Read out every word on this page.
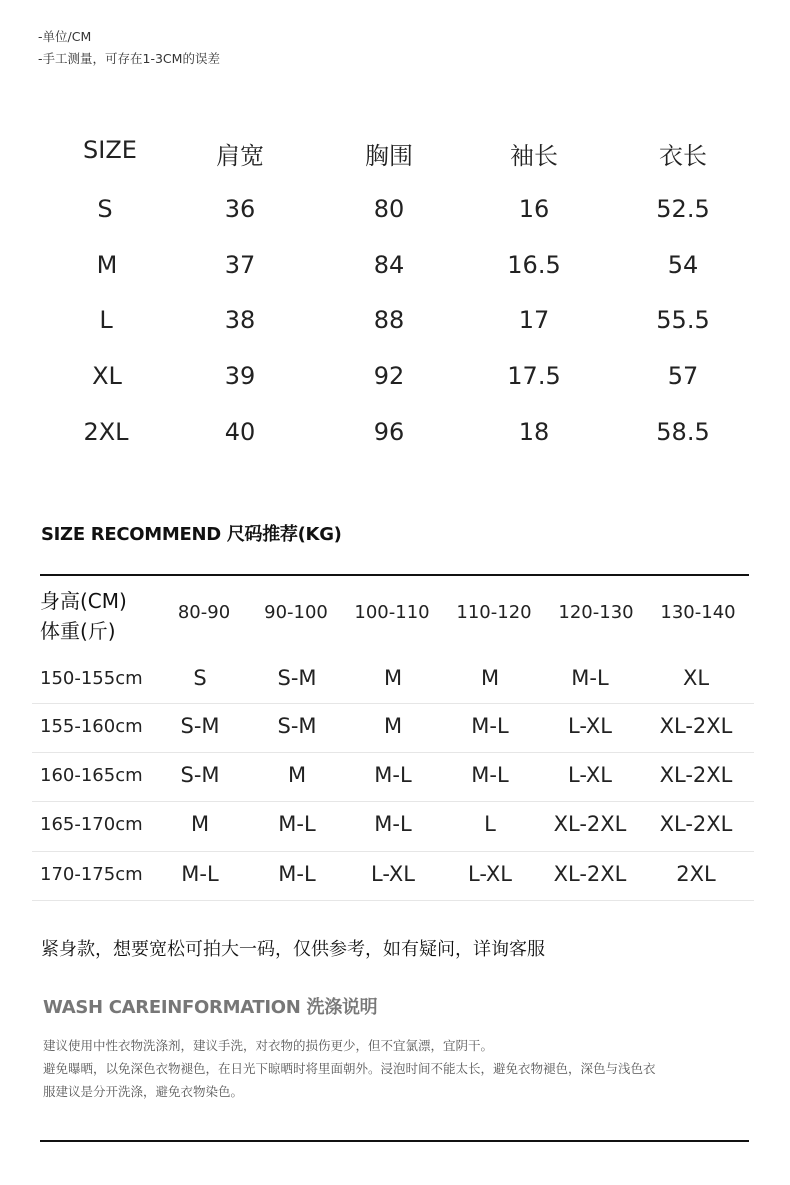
-单位/CM
-手工测量，可存在1-3CM的误差
SIZE	肩宽	胸围	袖长	衣长
S	36	80	16	52.5
M	37	84	16.5	54
L	38	88	17	55.5
XL	39	92	17.5	57
2XL	40	96	18	58.5
SIZE RECOMMEND 尺码推荐(KG)
身高(CM)
体重(斤)
80-90 90-100 100-110 110-120 120-130 130-140
150-155cm S	S-M	M	M	M-L	XL
155-160cm S-M	S-M	M	M-L	L-XL XL-2XL
160-165cm S-M	M	M-L	M-L	L-XL XL-2XL
165-170cm M	M-L	M-L	L	XL-2XL XL-2XL
170-175cm M-L	M-L	L-XL	L-XL XL-2XL 2XL
紧身款，想要宽松可拍大一码，仅供参考，如有疑问，详询客服
WASH CAREINFORMATION 洗涤说明
建议使用中性衣物洗涤剂，建议手洗，对衣物的损伤更少，但不宜氯漂，宜阴干。
避免曝晒，以免深色衣物褪色，在日光下晾晒时将里面朝外。浸泡时间不能太长，避免衣物褪色，深色与浅色衣
服建议是分开洗涤，避免衣物染色。
